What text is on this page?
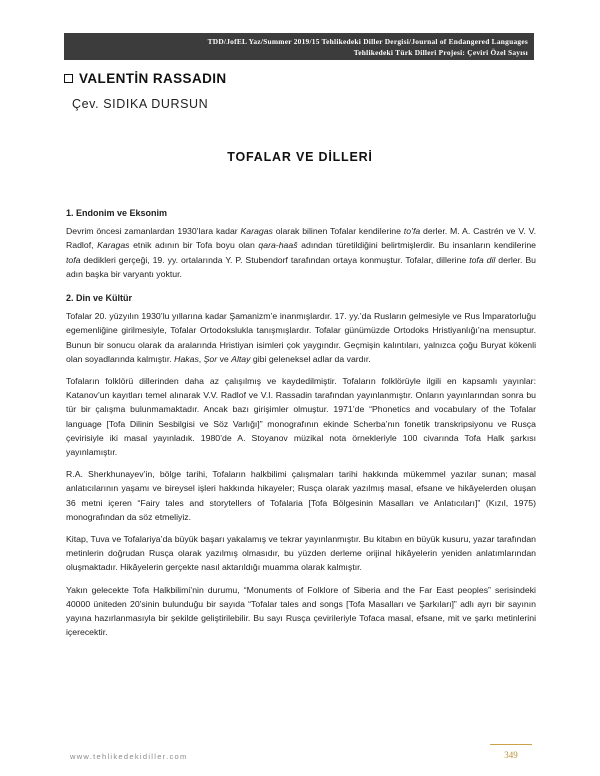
TDD/JofEL Yaz/Summer 2019/15 Tehlikedeki Diller Dergisi/Journal of Endangered Languages
Tehlikedeki Türk Dilleri Projesi: Çeviri Özel Sayısı
VALENTİN RASSADIN
Çev. SIDIKA DURSUN
TOFALAR VE DİLLERİ

1. Endonim ve Eksonim

Devrim öncesi zamanlardan 1930’lara kadar Karagas olarak bilinen Tofalar kendilerine to’fa derler. M. A. Castrén ve V. V. Radlof, Karagas etnik adının bir Tofa boyu olan qara-haaš adından türetildiğini belirtmişlerdir. Bu insanların kendilerine tofa dedikleri gerçeği, 19. yy. ortalarında Y. P. Stubendorf tarafından ortaya konmuştur. Tofalar, dillerine tofa dil derler. Bu adın başka bir varyantı yoktur.

2. Din ve Kültür

Tofalar 20. yüzyılın 1930’lu yıllarına kadar Şamanizm’e inanmışlardır. 17. yy.’da Rusların gelmesiyle ve Rus İmparatorluğu egemenliğine girilmesiyle, Tofalar Ortodokslukla tanışmışlardır. Tofalar günümüzde Ortodoks Hristiyanlığı’na mensuptur. Bunun bir sonucu olarak da aralarında Hristiyan isimleri çok yaygındır. Geçmişin kalıntıları, yalnızca çoğu Buryat kökenli olan soyadlarında kalmıştır. Hakas, Şor ve Altay gibi geleneksel adlar da vardır.

Tofaların folklörü dillerinden daha az çalışılmış ve kaydedilmiştir. Tofaların folklörüyle ilgili en kapsamlı yayınlar: Katanov’un kayıtları temel alınarak V.V. Radlof ve V.I. Rassadin tarafından yayınlanmıştır. Onların yayınlarından sonra bu tür bir çalışma bulunmamaktadır. Ancak bazı girişimler olmuştur. 1971’de “Phonetics and vocabulary of the Tofalar language [Tofa Dilinin Sesbilgisi ve Söz Varlığı]” monografının ekinde Scherba’nın fonetik transkripsiyonu ve Rusça çevirisiyle iki masal yayınladık. 1980’de A. Stoyanov müzikal nota örnekleriyle 100 civarında Tofa Halk şarkısı yayınlamıştır.

R.A. Sherkhunayev’in, bölge tarihi, Tofaların halkbilimi çalışmaları tarihi hakkında mükemmel yazılar sunan; masal anlatıcılarının yaşamı ve bireysel işleri hakkında hikayeler; Rusça olarak yazılmış masal, efsane ve hikâyelerden oluşan 36 metni içeren “Fairy tales and storytellers of Tofalaria [Tofa Bölgesinin Masalları ve Anlatıcıları]” (Kızıl, 1975) monografından da söz etmeliyiz.

Kitap, Tuva ve Tofalariya’da büyük başarı yakalamış ve tekrar yayınlanmıştır. Bu kitabın en büyük kusuru, yazar tarafından metinlerin doğrudan Rusça olarak yazılmış olmasıdır, bu yüzden derleme orijinal hikâyelerin yeniden anlatımlarından oluşmaktadır. Hikâyelerin gerçekte nasıl aktarıldığı muamma olarak kalmıştır.

Yakın gelecekte Tofa Halkbilimi’nin durumu, “Monuments of Folklore of Siberia and the Far East peoples” serisindeki 40000 üniteden 20’sinin bulunduğu bir sayıda “Tofalar tales and songs [Tofa Masalları ve Şarkıları]” adlı ayrı bir sayının yayına hazırlanmasıyla bir şekilde geliştirilebilir. Bu sayı Rusça çevirileriyle Tofaca masal, efsane, mit ve şarkı metinlerini içerecektir.

www.tehlikedekidiller.com	349
